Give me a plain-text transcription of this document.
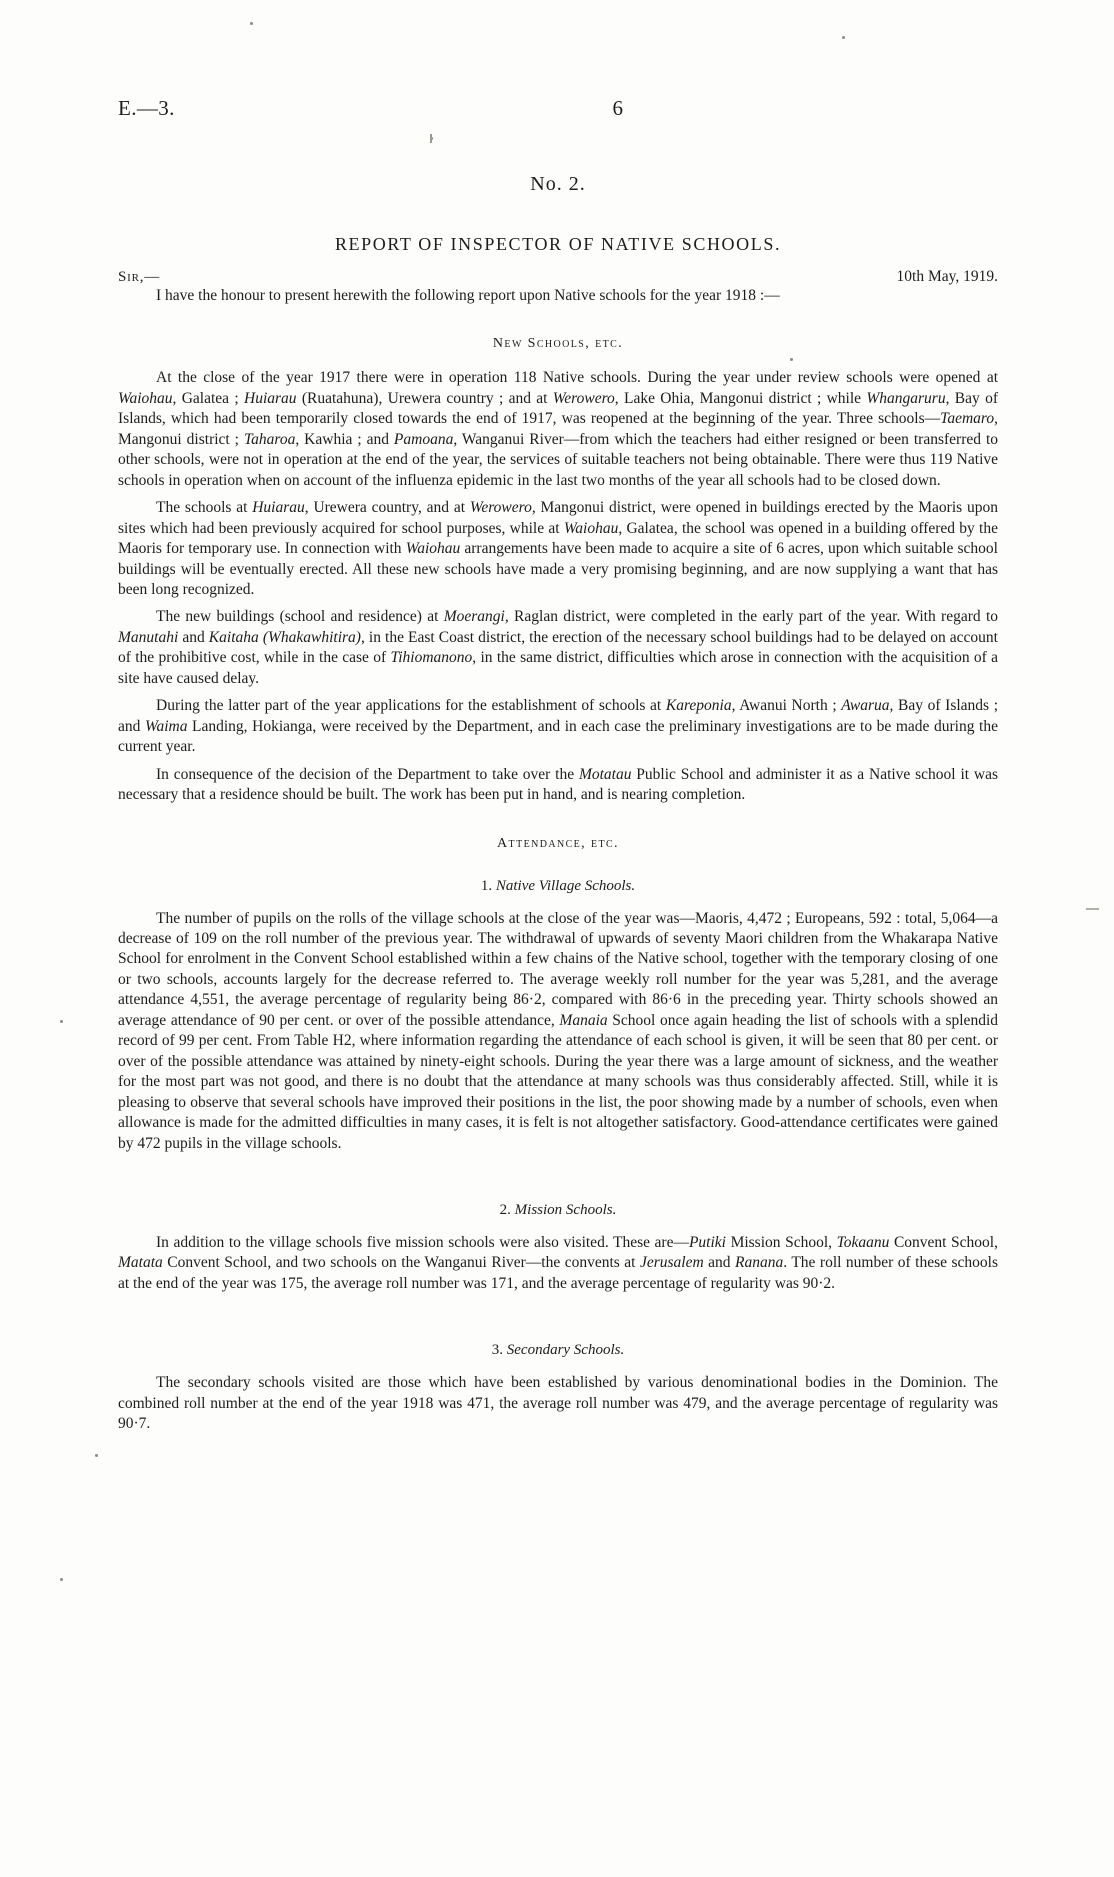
E.—3.	6
No. 2.
REPORT OF INSPECTOR OF NATIVE SCHOOLS.
Sir,—	10th May, 1919.

I have the honour to present herewith the following report upon Native schools for the year 1918 :—

New Schools, etc.

At the close of the year 1917 there were in operation 118 Native schools. During the year under review schools were opened at Waiohau, Galatea ; Huiarau (Ruatahuna), Urewera country ; and at Werowero, Lake Ohia, Mangonui district ; while Whangaruru, Bay of Islands, which had been temporarily closed towards the end of 1917, was reopened at the beginning of the year. Three schools—Taemaro, Mangonui district ; Taharoa, Kawhia ; and Pamoana, Wanganui River—from which the teachers had either resigned or been transferred to other schools, were not in operation at the end of the year, the services of suitable teachers not being obtainable. There were thus 119 Native schools in operation when on account of the influenza epidemic in the last two months of the year all schools had to be closed down.

The schools at Huiarau, Urewera country, and at Werowero, Mangonui district, were opened in buildings erected by the Maoris upon sites which had been previously acquired for school purposes, while at Waiohau, Galatea, the school was opened in a building offered by the Maoris for temporary use. In connection with Waiohau arrangements have been made to acquire a site of 6 acres, upon which suitable school buildings will be eventually erected. All these new schools have made a very promising beginning, and are now supplying a want that has been long recognized.

The new buildings (school and residence) at Moerangi, Raglan district, were completed in the early part of the year. With regard to Manutahi and Kaitaha (Whakawhitira), in the East Coast district, the erection of the necessary school buildings had to be delayed on account of the prohibitive cost, while in the case of Tihiomanono, in the same district, difficulties which arose in connection with the acquisition of a site have caused delay.

During the latter part of the year applications for the establishment of schools at Kareponia, Awanui North ; Awarua, Bay of Islands ; and Waima Landing, Hokianga, were received by the Department, and in each case the preliminary investigations are to be made during the current year.

In consequence of the decision of the Department to take over the Motatau Public School and administer it as a Native school it was necessary that a residence should be built. The work has been put in hand, and is nearing completion.

Attendance, etc.
1. Native Village Schools.

The number of pupils on the rolls of the village schools at the close of the year was—Maoris, 4,472 ; Europeans, 592 : total, 5,064—a decrease of 109 on the roll number of the previous year. The withdrawal of upwards of seventy Maori children from the Whakarapa Native School for enrolment in the Convent School established within a few chains of the Native school, together with the temporary closing of one or two schools, accounts largely for the decrease referred to. The average weekly roll number for the year was 5,281, and the average attendance 4,551, the average percentage of regularity being 86·2, compared with 86·6 in the preceding year. Thirty schools showed an average attendance of 90 per cent. or over of the possible attendance, Manaia School once again heading the list of schools with a splendid record of 99 per cent. From Table H2, where information regarding the attendance of each school is given, it will be seen that 80 per cent. or over of the possible attendance was attained by ninety-eight schools. During the year there was a large amount of sickness, and the weather for the most part was not good, and there is no doubt that the attendance at many schools was thus considerably affected. Still, while it is pleasing to observe that several schools have improved their positions in the list, the poor showing made by a number of schools, even when allowance is made for the admitted difficulties in many cases, it is felt is not altogether satisfactory. Good-attendance certificates were gained by 472 pupils in the village schools.

2. Mission Schools.

In addition to the village schools five mission schools were also visited. These are—Putiki Mission School, Tokaanu Convent School, Matata Convent School, and two schools on the Wanganui River—the convents at Jerusalem and Ranana. The roll number of these schools at the end of the year was 175, the average roll number was 171, and the average percentage of regularity was 90·2.

3. Secondary Schools.

The secondary schools visited are those which have been established by various denominational bodies in the Dominion. The combined roll number at the end of the year 1918 was 471, the average roll number was 479, and the average percentage of regularity was 90·7.
